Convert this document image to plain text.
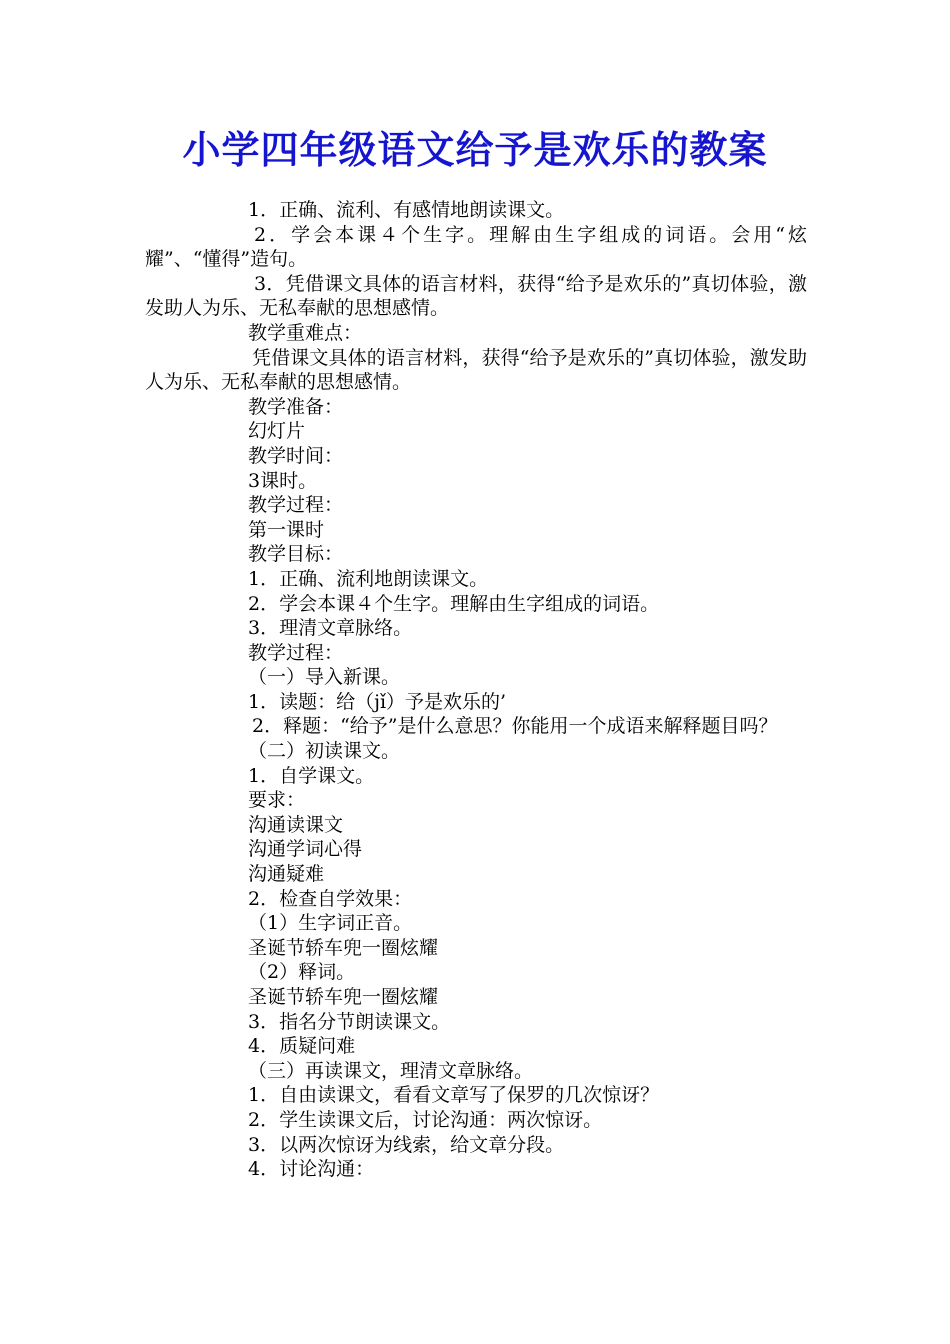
小学四年级语文给予是欢乐的教案

1．正确、流利、有感情地朗读课文。

2．学会本课４个生字。理解由生字组成的词语。会用“炫耀”、“懂得”造句。

3．凭借课文具体的语言材料，获得“给予是欢乐的”真切体验，激发助人为乐、无私奉献的思想感情。

教学重难点：

凭借课文具体的语言材料，获得“给予是欢乐的”真切体验，激发助人为乐、无私奉献的思想感情。

教学准备：

幻灯片

教学时间：

3课时。

教学过程：

第一课时

教学目标：

1．正确、流利地朗读课文。

2．学会本课４个生字。理解由生字组成的词语。

3．理清文章脉络。

教学过程：

（一）导入新课。

1．读题：给（jǐ）予是欢乐的’

2．释题：“给予”是什么意思？你能用一个成语来解释题目吗？

（二）初读课文。

1．自学课文。

要求：

沟通读课文

沟通学词心得

沟通疑难

2．检查自学效果：

（1）生字词正音。

圣诞节轿车兜一圈炫耀

（2）释词。

圣诞节轿车兜一圈炫耀

3．指名分节朗读课文。

4．质疑问难

（三）再读课文，理清文章脉络。

1．自由读课文，看看文章写了保罗的几次惊讶？

2．学生读课文后，讨论沟通：两次惊讶。

3．以两次惊讶为线索，给文章分段。

4．讨论沟通：
